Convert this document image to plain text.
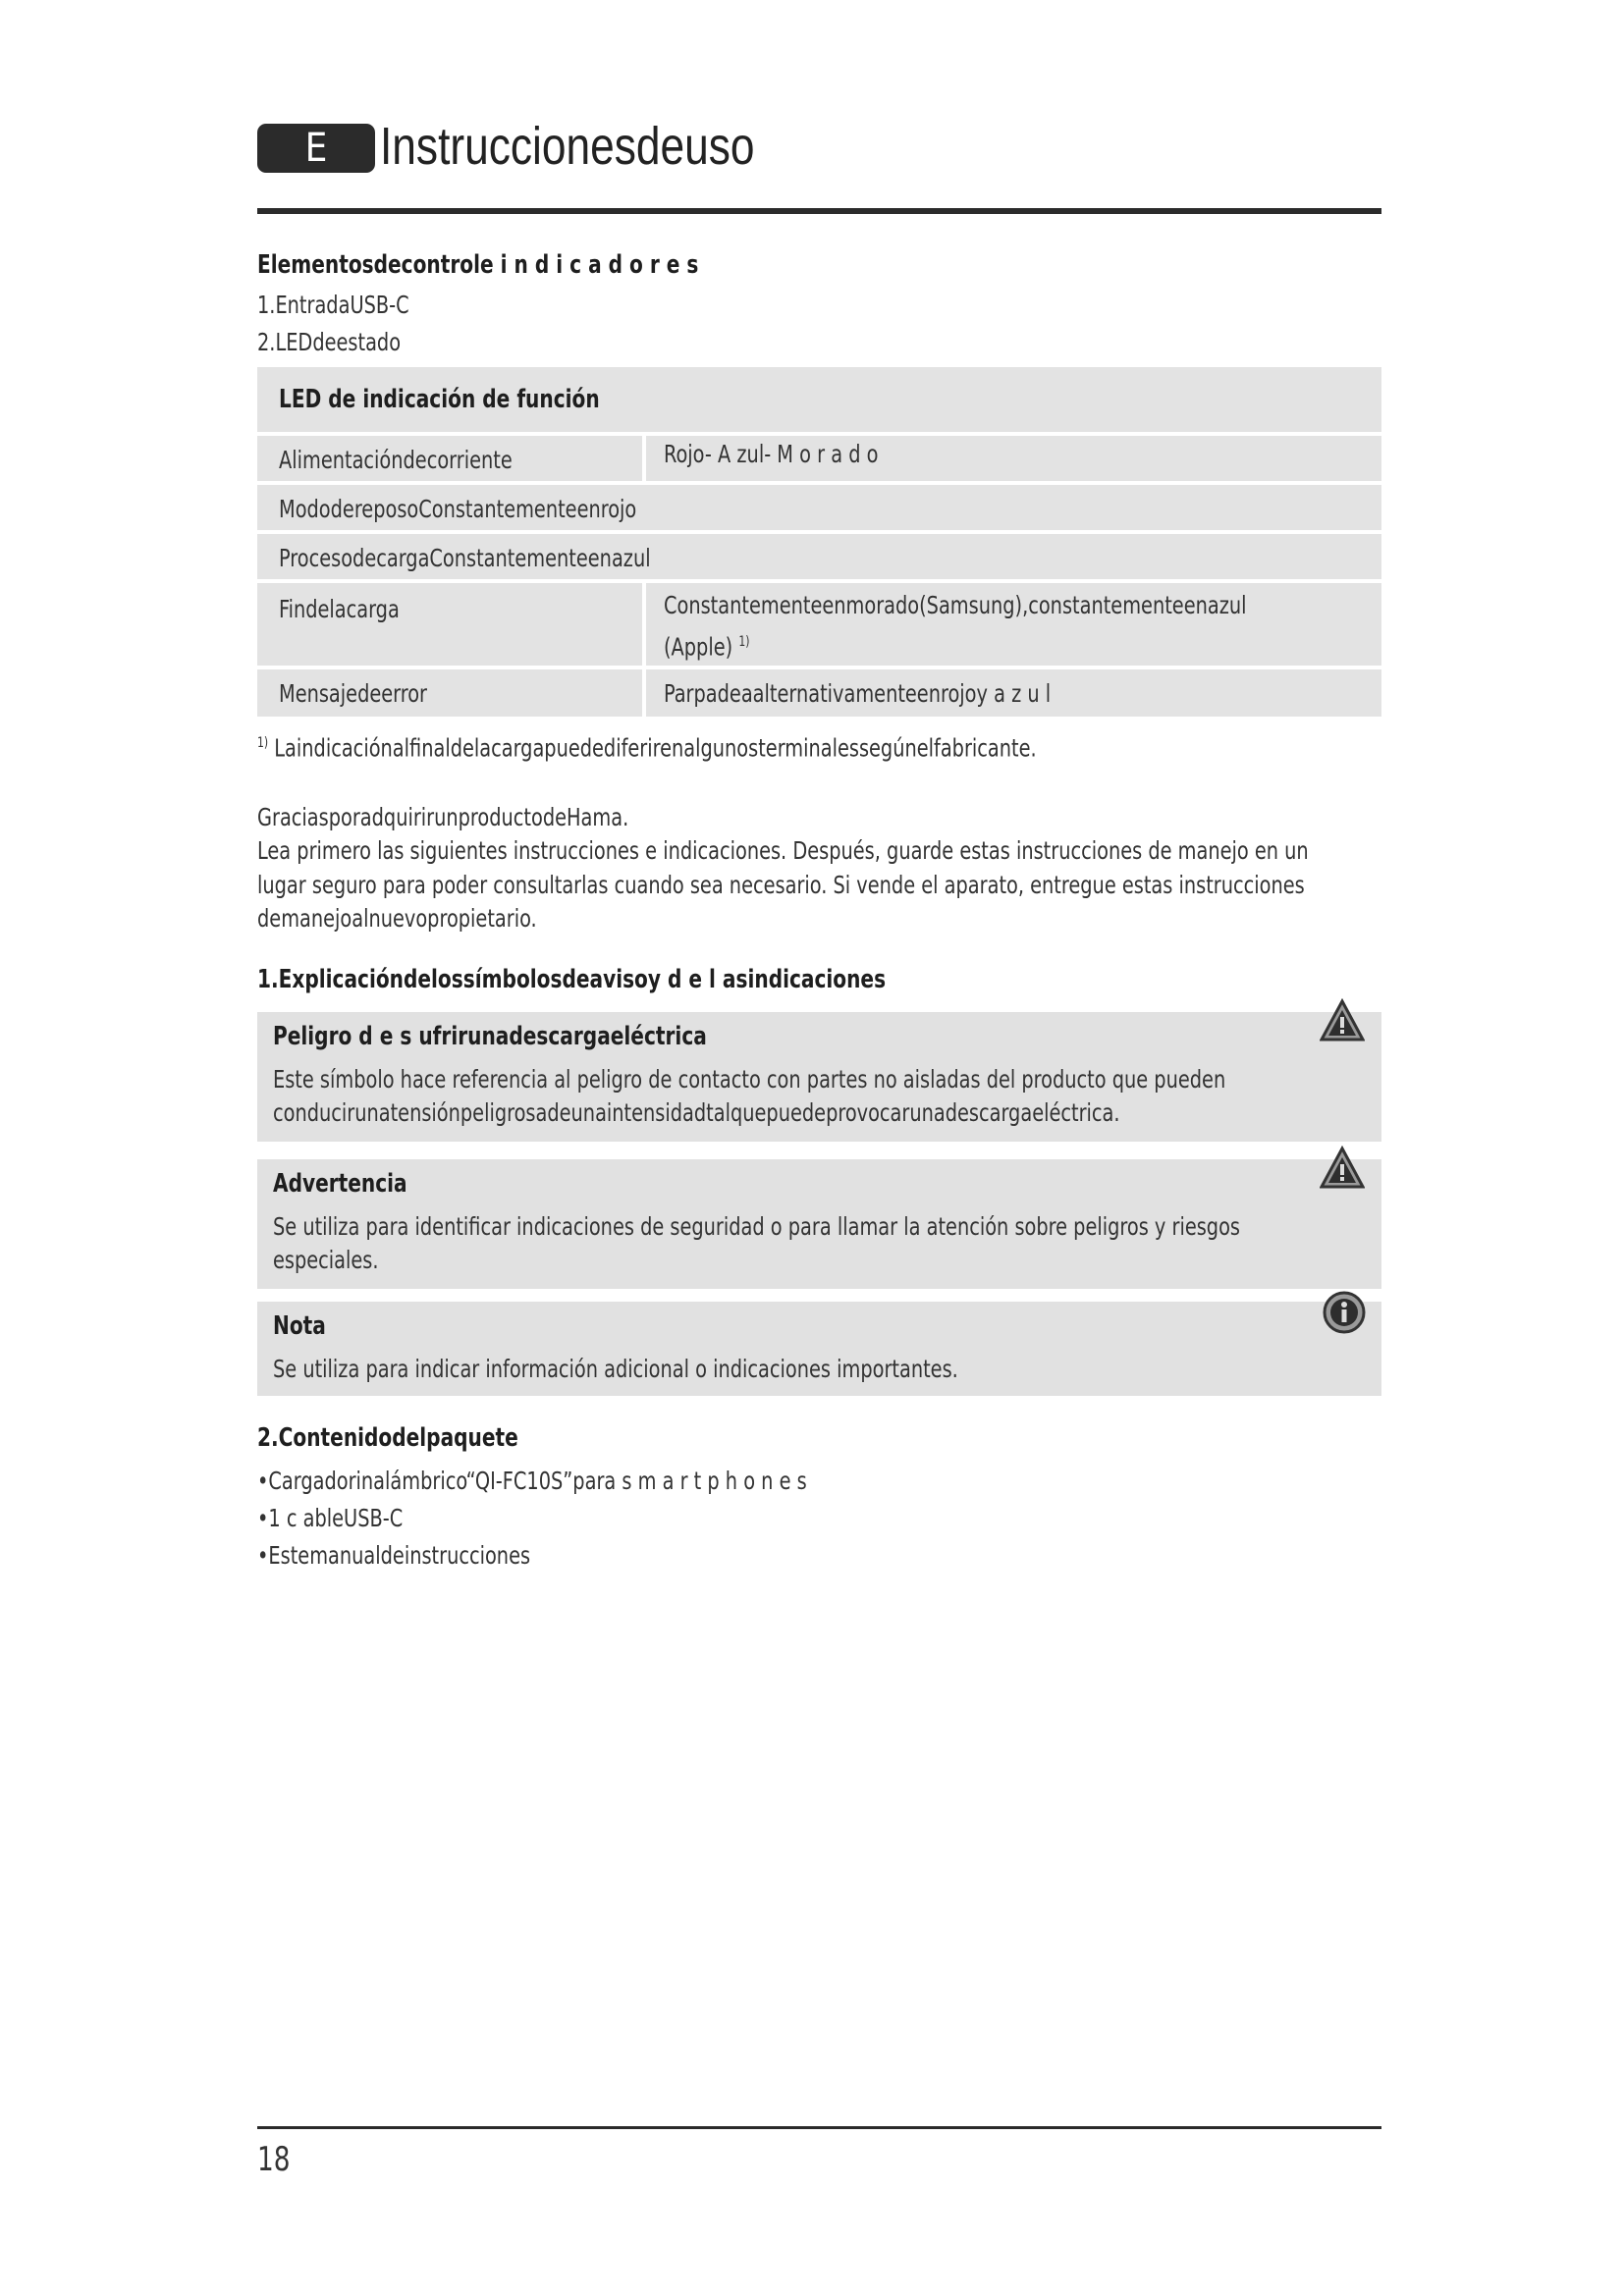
E Instruccionesdeuso
Elementosdecontrole i n d i c a d o r e s
1.EntradaUSB-C
2.LEDdeestado
LED de indicación de función
Alimentacióndecorriente	Rojo- A zul- M o r a d o
MododereposoConstantementeenrojo
ProcesodecargaConstantementeenazul
Findelacarga	Constantementeenmorado(Samsung),constantementeenazul
(Apple) $^{1)}$
Mensajedeerror	Parpadeaalternativamenteenrojoy a z u l
$^{1)}$ Laindicaciónalfinaldelacargapuedediferirenalgunosterminalessegúnelfabricante.
GraciasporadquirirunproductodeHama.
Lea primero las siguientes instrucciones e indicaciones. Después, guarde estas instrucciones de manejo en un
lugar seguro para poder consultarlas cuando sea necesario. Si vende el aparato, entregue estas instrucciones
demanejoalnuevopropietario.
1.Explicacióndelossímbolosdeavisoy d e l asindicaciones
Peligro d e s ufrirunadescargaeléctrica
Este símbolo hace referencia al peligro de contacto con partes no aisladas del producto que pueden
conducirunatensiónpeligrosadeunaintensidadtalquepuedeprovocarunadescargaeléctrica.
Advertencia
Se utiliza para identificar indicaciones de seguridad o para llamar la atención sobre peligros y riesgos
especiales.
Nota
Se utiliza para indicar información adicional o indicaciones importantes.
2.Contenidodelpaquete
•Cargadorinalámbrico“QI-FC10S”para s m a r t p h o n e s
•1 c ableUSB-C
•Estemanualdeinstrucciones
18
